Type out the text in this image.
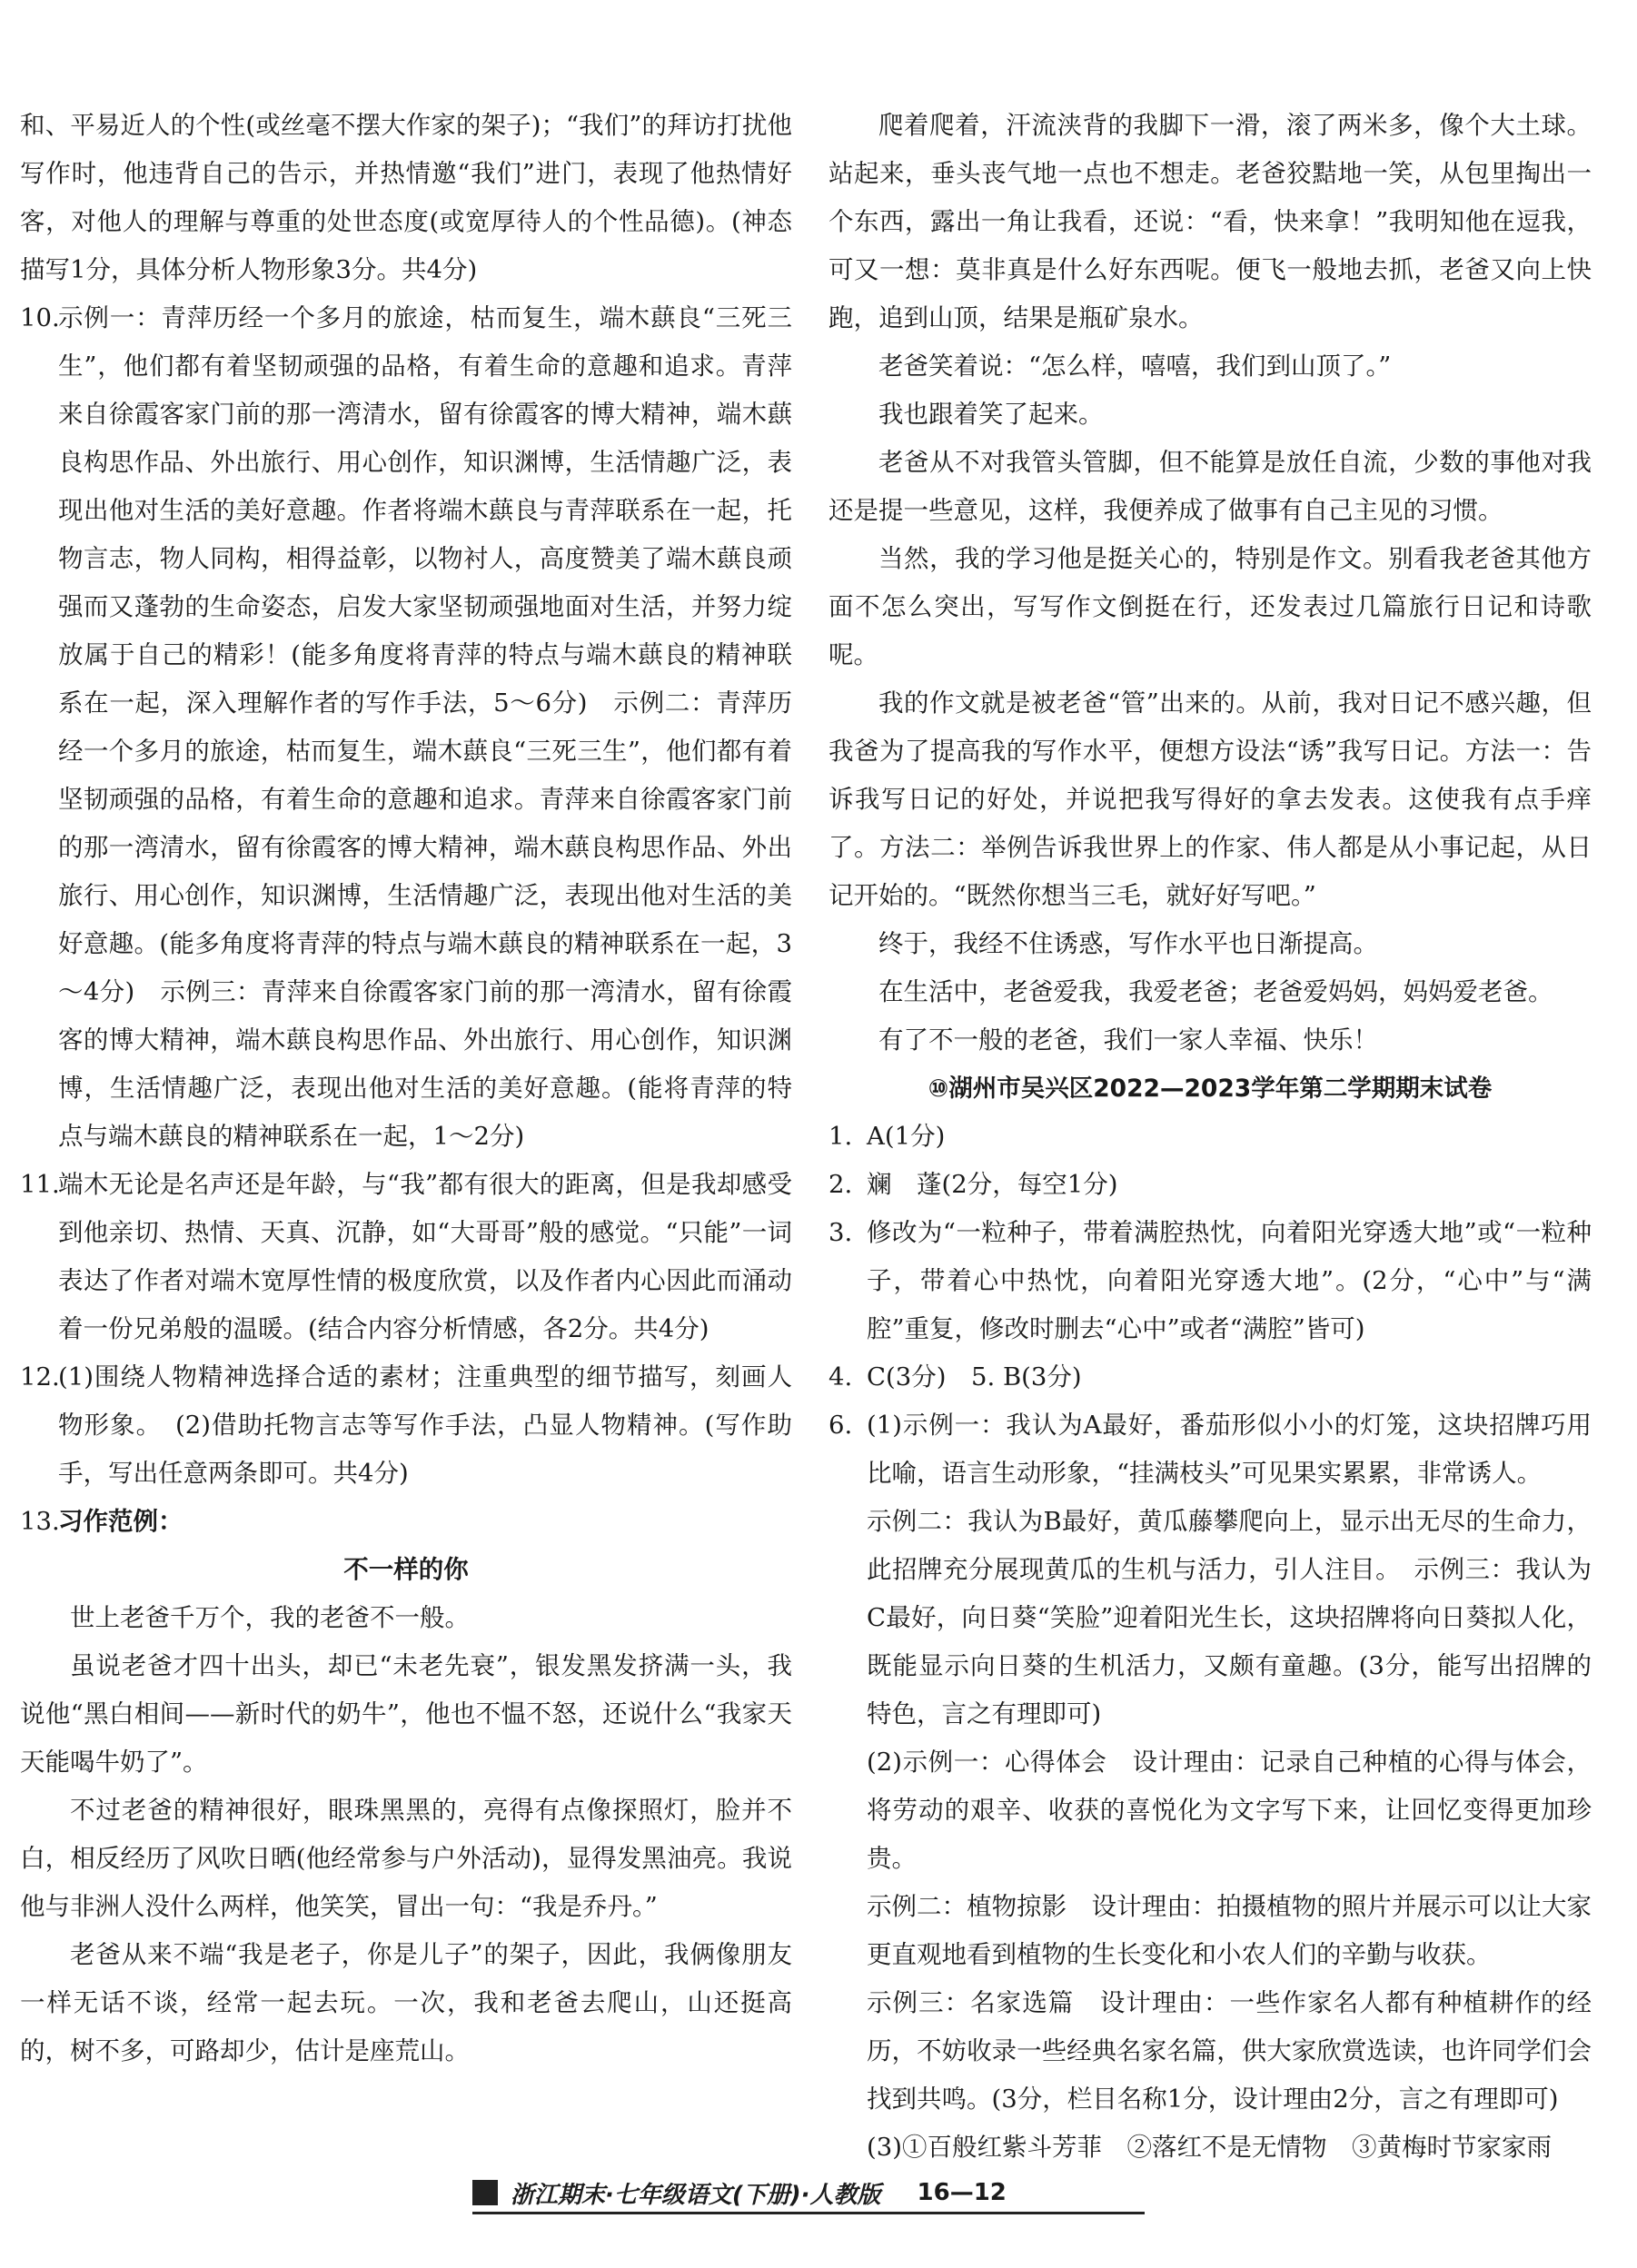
和、平易近人的个性(或丝毫不摆大作家的架子)；“我们”的拜访打扰他写作时，他违背自己的告示，并热情邀“我们”进门，表现了他热情好客，对他人的理解与尊重的处世态度(或宽厚待人的个性品德)。(神态描写1分，具体分析人物形象3分。共4分)

10.

示例一：青萍历经一个多月的旅途，枯而复生，端木蕻良“三死三生”，他们都有着坚韧顽强的品格，有着生命的意趣和追求。青萍来自徐霞客家门前的那一湾清水，留有徐霞客的博大精神，端木蕻良构思作品、外出旅行、用心创作，知识渊博，生活情趣广泛，表现出他对生活的美好意趣。作者将端木蕻良与青萍联系在一起，托物言志，物人同构，相得益彰，以物衬人，高度赞美了端木蕻良顽强而又蓬勃的生命姿态，启发大家坚韧顽强地面对生活，并努力绽放属于自己的精彩！(能多角度将青萍的特点与端木蕻良的精神联系在一起，深入理解作者的写作手法，5～6分)　示例二：青萍历经一个多月的旅途，枯而复生，端木蕻良“三死三生”，他们都有着坚韧顽强的品格，有着生命的意趣和追求。青萍来自徐霞客家门前的那一湾清水，留有徐霞客的博大精神，端木蕻良构思作品、外出旅行、用心创作，知识渊博，生活情趣广泛，表现出他对生活的美好意趣。(能多角度将青萍的特点与端木蕻良的精神联系在一起，3～4分)　示例三：青萍来自徐霞客家门前的那一湾清水，留有徐霞客的博大精神，端木蕻良构思作品、外出旅行、用心创作，知识渊博，生活情趣广泛，表现出他对生活的美好意趣。(能将青萍的特点与端木蕻良的精神联系在一起，1～2分)

11.

端木无论是名声还是年龄，与“我”都有很大的距离，但是我却感受到他亲切、热情、天真、沉静，如“大哥哥”般的感觉。“只能”一词表达了作者对端木宽厚性情的极度欣赏，以及作者内心因此而涌动着一份兄弟般的温暖。(结合内容分析情感，各2分。共4分)

12.

(1)围绕人物精神选择合适的素材；注重典型的细节描写，刻画人物形象。　(2)借助托物言志等写作手法，凸显人物精神。(写作助手，写出任意两条即可。共4分)

13.

习作范例：

不一样的你

世上老爸千万个，我的老爸不一般。

虽说老爸才四十出头，却已“未老先衰”，银发黑发挤满一头，我说他“黑白相间——新时代的奶牛”，他也不愠不怒，还说什么“我家天天能喝牛奶了”。

不过老爸的精神很好，眼珠黑黑的，亮得有点像探照灯，脸并不白，相反经历了风吹日晒(他经常参与户外活动)，显得发黑油亮。我说他与非洲人没什么两样，他笑笑，冒出一句：“我是乔丹。”

老爸从来不端“我是老子，你是儿子”的架子，因此，我俩像朋友一样无话不谈，经常一起去玩。一次，我和老爸去爬山，山还挺高的，树不多，可路却少，估计是座荒山。

爬着爬着，汗流浃背的我脚下一滑，滚了两米多，像个大土球。站起来，垂头丧气地一点也不想走。老爸狡黠地一笑，从包里掏出一个东西，露出一角让我看，还说：“看，快来拿！”我明知他在逗我，可又一想：莫非真是什么好东西呢。便飞一般地去抓，老爸又向上快跑，追到山顶，结果是瓶矿泉水。

老爸笑着说：“怎么样，嘻嘻，我们到山顶了。”

我也跟着笑了起来。

老爸从不对我管头管脚，但不能算是放任自流，少数的事他对我还是提一些意见，这样，我便养成了做事有自己主见的习惯。

当然，我的学习他是挺关心的，特别是作文。别看我老爸其他方面不怎么突出，写写作文倒挺在行，还发表过几篇旅行日记和诗歌呢。

我的作文就是被老爸“管”出来的。从前，我对日记不感兴趣，但我爸为了提高我的写作水平，便想方设法“诱”我写日记。方法一：告诉我写日记的好处，并说把我写得好的拿去发表。这使我有点手痒了。方法二：举例告诉我世界上的作家、伟人都是从小事记起，从日记开始的。“既然你想当三毛，就好好写吧。”

终于，我经不住诱惑，写作水平也日渐提高。

在生活中，老爸爱我，我爱老爸；老爸爱妈妈，妈妈爱老爸。

有了不一般的老爸，我们一家人幸福、快乐！

⑩湖州市吴兴区2022—2023学年第二学期期末试卷

1. A(1分)

2. 斓　蓬(2分，每空1分)

3. 修改为“一粒种子，带着满腔热忱，向着阳光穿透大地”或“一粒种子，带着心中热忱，向着阳光穿透大地”。(2分，“心中”与“满腔”重复，修改时删去“心中”或者“满腔”皆可)

4. C(3分)　5. B(3分)

6. (1)示例一：我认为A最好，番茄形似小小的灯笼，这块招牌巧用比喻，语言生动形象，“挂满枝头”可见果实累累，非常诱人。

示例二：我认为B最好，黄瓜藤攀爬向上，显示出无尽的生命力，此招牌充分展现黄瓜的生机与活力，引人注目。　示例三：我认为C最好，向日葵“笑脸”迎着阳光生长，这块招牌将向日葵拟人化，既能显示向日葵的生机活力，又颇有童趣。(3分，能写出招牌的特色，言之有理即可)

(2)示例一：心得体会　设计理由：记录自己种植的心得与体会，将劳动的艰辛、收获的喜悦化为文字写下来，让回忆变得更加珍贵。

示例二：植物掠影　设计理由：拍摄植物的照片并展示可以让大家更直观地看到植物的生长变化和小农人们的辛勤与收获。

示例三：名家选篇　设计理由：一些作家名人都有种植耕作的经历，不妨收录一些经典名家名篇，供大家欣赏选读，也许同学们会找到共鸣。(3分，栏目名称1分，设计理由2分，言之有理即可)

(3)①百般红紫斗芳菲　②落红不是无情物　③黄梅时节家家雨

浙江期末·七年级语文(下册)·人教版 16—12
